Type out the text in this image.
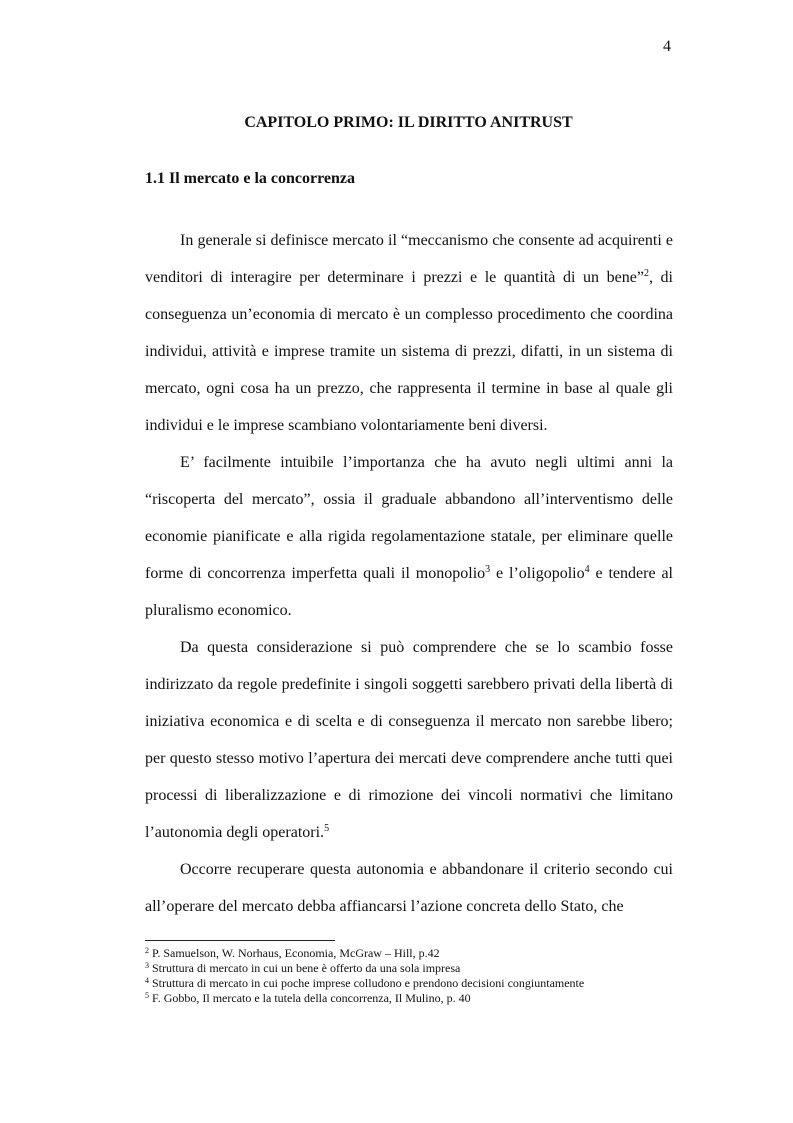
4
CAPITOLO PRIMO: IL DIRITTO ANITRUST
1.1 Il mercato e la concorrenza

In generale si definisce mercato il “meccanismo che consente ad acquirenti e venditori di interagire per determinare i prezzi e le quantità di un bene”$^2$, di conseguenza un’economia di mercato è un complesso procedimento che coordina individui, attività e imprese tramite un sistema di prezzi, difatti, in un sistema di mercato, ogni cosa ha un prezzo, che rappresenta il termine in base al quale gli individui e le imprese scambiano volontariamente beni diversi.

E’ facilmente intuibile l’importanza che ha avuto negli ultimi anni la “riscoperta del mercato”, ossia il graduale abbandono all’interventismo delle economie pianificate e alla rigida regolamentazione statale, per eliminare quelle forme di concorrenza imperfetta quali il monopolio$^3$ e l’oligopolio$^4$ e tendere al pluralismo economico.

Da questa considerazione si può comprendere che se lo scambio fosse indirizzato da regole predefinite i singoli soggetti sarebbero privati della libertà di iniziativa economica e di scelta e di conseguenza il mercato non sarebbe libero; per questo stesso motivo l’apertura dei mercati deve comprendere anche tutti quei processi di liberalizzazione e di rimozione dei vincoli normativi che limitano l’autonomia degli operatori.$^5$

Occorre recuperare questa autonomia e abbandonare il criterio secondo cui all’operare del mercato debba affiancarsi l’azione concreta dello Stato, che

$^2$ P. Samuelson, W. Norhaus, Economia, McGraw – Hill, p.42

$^3$ Struttura di mercato in cui un bene è offerto da una sola impresa

$^4$ Struttura di mercato in cui poche imprese colludono e prendono decisioni congiuntamente

$^5$ F. Gobbo, Il mercato e la tutela della concorrenza, Il Mulino, p. 40
